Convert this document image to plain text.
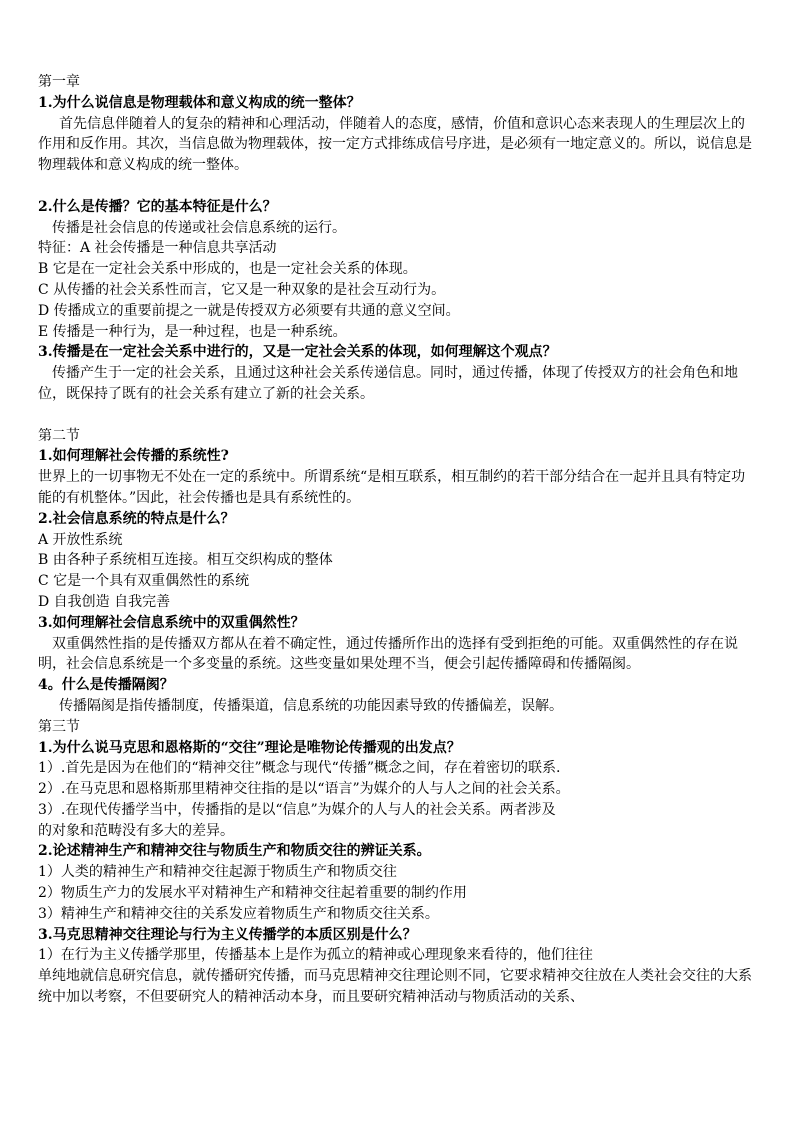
第一章
1.为什么说信息是物理载体和意义构成的统一整体？
首先信息伴随着人的复杂的精神和心理活动，伴随着人的态度，感情，价值和意识心态来表现人的生理层次上的作用和反作用。其次，当信息做为物理载体，按一定方式排练成信号序进，是必须有一地定意义的。所以，说信息是物理载体和意义构成的统一整体。
2.什么是传播？它的基本特征是什么？
传播是社会信息的传递或社会信息系统的运行。
特征：A 社会传播是一种信息共享活动
B 它是在一定社会关系中形成的，也是一定社会关系的体现。
C 从传播的社会关系性而言，它又是一种双象的是社会互动行为。
D 传播成立的重要前提之一就是传授双方必须要有共通的意义空间。
E 传播是一种行为，是一种过程，也是一种系统。
3.传播是在一定社会关系中进行的，又是一定社会关系的体现，如何理解这个观点？
传播产生于一定的社会关系，且通过这种社会关系传递信息。同时，通过传播，体现了传授双方的社会角色和地位，既保持了既有的社会关系有建立了新的社会关系。
第二节
1.如何理解社会传播的系统性?
世界上的一切事物无不处在一定的系统中。所谓系统“是相互联系，相互制约的若干部分结合在一起并且具有特定功能的有机整体。”因此，社会传播也是具有系统性的。
2.社会信息系统的特点是什么？
A 开放性系统
B 由各种子系统相互连接。相互交织构成的整体
C 它是一个具有双重偶然性的系统
D 自我创造 自我完善
3.如何理解社会信息系统中的双重偶然性？
双重偶然性指的是传播双方都从在着不确定性，通过传播所作出的选择有受到拒绝的可能。双重偶然性的存在说明，社会信息系统是一个多变量的系统。这些变量如果处理不当，便会引起传播障碍和传播隔阂。
4。什么是传播隔阂？
传播隔阂是指传播制度，传播渠道，信息系统的功能因素导致的传播偏差，误解。
第三节
1.为什么说马克思和恩格斯的“交往”理论是唯物论传播观的出发点？
1）.首先是因为在他们的“精神交往”概念与现代“传播”概念之间，存在着密切的联系.
2）.在马克思和恩格斯那里精神交往指的是以“语言”为媒介的人与人之间的社会关系。
3）.在现代传播学当中，传播指的是以“信息”为媒介的人与人的社会关系。两者涉及
的对象和范畴没有多大的差异。
2.论述精神生产和精神交往与物质生产和物质交往的辨证关系。
1）人类的精神生产和精神交往起源于物质生产和物质交往
2）物质生产力的发展水平对精神生产和精神交往起着重要的制约作用
3）精神生产和精神交往的关系发应着物质生产和物质交往关系。
3.马克思精神交往理论与行为主义传播学的本质区别是什么？
1）在行为主义传播学那里，传播基本上是作为孤立的精神或心理现象来看待的，他们往往
单纯地就信息研究信息，就传播研究传播，而马克思精神交往理论则不同，它要求精神交往放在人类社会交往的大系统中加以考察，不但要研究人的精神活动本身，而且要研究精神活动与物质活动的关系、
